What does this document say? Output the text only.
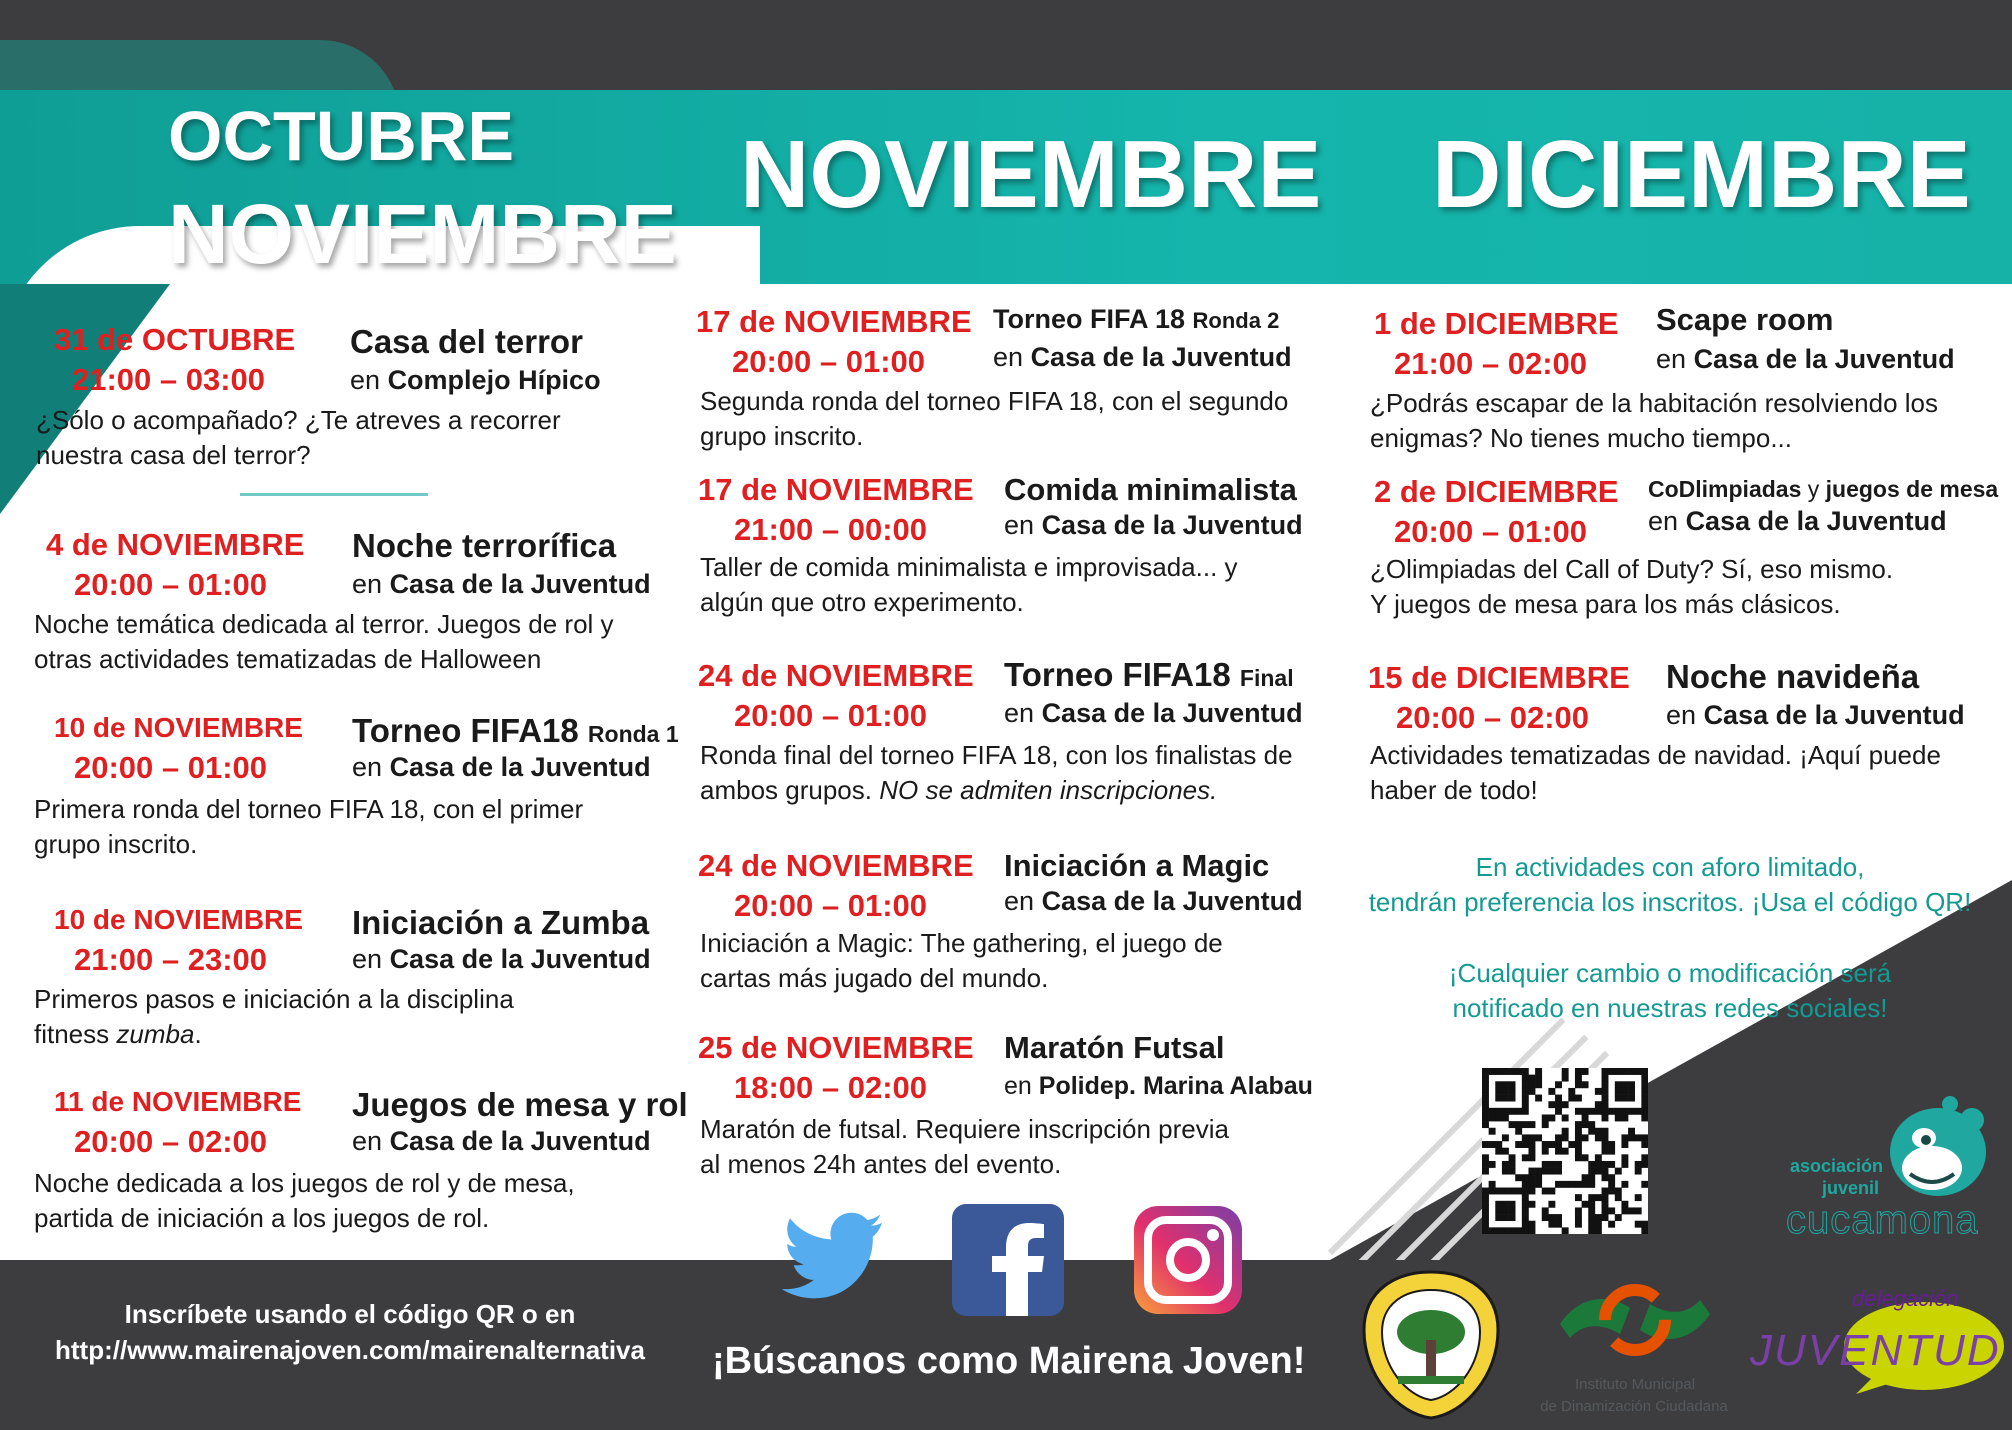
OCTUBRE
NOVIEMBRE
NOVIEMBRE DICIEMBRE
31 de OCTUBRE
21:00 – 03:00
Casa del terror
en Complejo Hípico
¿Sólo o acompañado? ¿Te atreves a recorrer
nuestra casa del terror?
4 de NOVIEMBRE
20:00 – 01:00
Noche terrorífica
en Casa de la Juventud
Noche temática dedicada al terror. Juegos de rol y
otras actividades tematizadas de Halloween
10 de NOVIEMBRE
20:00 – 01:00
Torneo FIFA18 Ronda 1
en Casa de la Juventud
Primera ronda del torneo FIFA 18, con el primer
grupo inscrito.
10 de NOVIEMBRE
21:00 – 23:00
Iniciación a Zumba
en Casa de la Juventud
Primeros pasos e iniciación a la disciplina
fitness zumba.
11 de NOVIEMBRE
20:00 – 02:00
Juegos de mesa y rol
en Casa de la Juventud
Noche dedicada a los juegos de rol y de mesa,
partida de iniciación a los juegos de rol.
17 de NOVIEMBRE
20:00 – 01:00
Torneo FIFA 18 Ronda 2
en Casa de la Juventud
Segunda ronda del torneo FIFA 18, con el segundo
grupo inscrito.
17 de NOVIEMBRE
21:00 – 00:00
Comida minimalista
en Casa de la Juventud
Taller de comida minimalista e improvisada... y
algún que otro experimento.
24 de NOVIEMBRE
20:00 – 01:00
Torneo FIFA18 Final
en Casa de la Juventud
Ronda final del torneo FIFA 18, con los finalistas de
ambos grupos. NO se admiten inscripciones.
24 de NOVIEMBRE
20:00 – 01:00
Iniciación a Magic
en Casa de la Juventud
Iniciación a Magic: The gathering, el juego de
cartas más jugado del mundo.
25 de NOVIEMBRE
18:00 – 02:00
Maratón Futsal
en Polidep. Marina Alabau
Maratón de futsal. Requiere inscripción previa
al menos 24h antes del evento.
1 de DICIEMBRE
21:00 – 02:00
Scape room
en Casa de la Juventud
¿Podrás escapar de la habitación resolviendo los
enigmas? No tienes mucho tiempo...
2 de DICIEMBRE
20:00 – 01:00
CoDlimpiadas y juegos de mesa
en Casa de la Juventud
¿Olimpiadas del Call of Duty? Sí, eso mismo.
Y juegos de mesa para los más clásicos.
15 de DICIEMBRE
20:00 – 02:00
Noche navideña
en Casa de la Juventud
Actividades tematizadas de navidad. ¡Aquí puede
haber de todo!
En actividades con aforo limitado,
tendrán preferencia los inscritos. ¡Usa el código QR!
¡Cualquier cambio o modificación será
notificado en nuestras redes sociales!
asociación
juvenil
cucamona
Inscríbete usando el código QR o en
http://www.mairenajoven.com/mairenalternativa	¡Búscanos como Mairena Joven!
Instituto Municipal
de Dinamización Ciudadana
delegación
JUVENTUD
